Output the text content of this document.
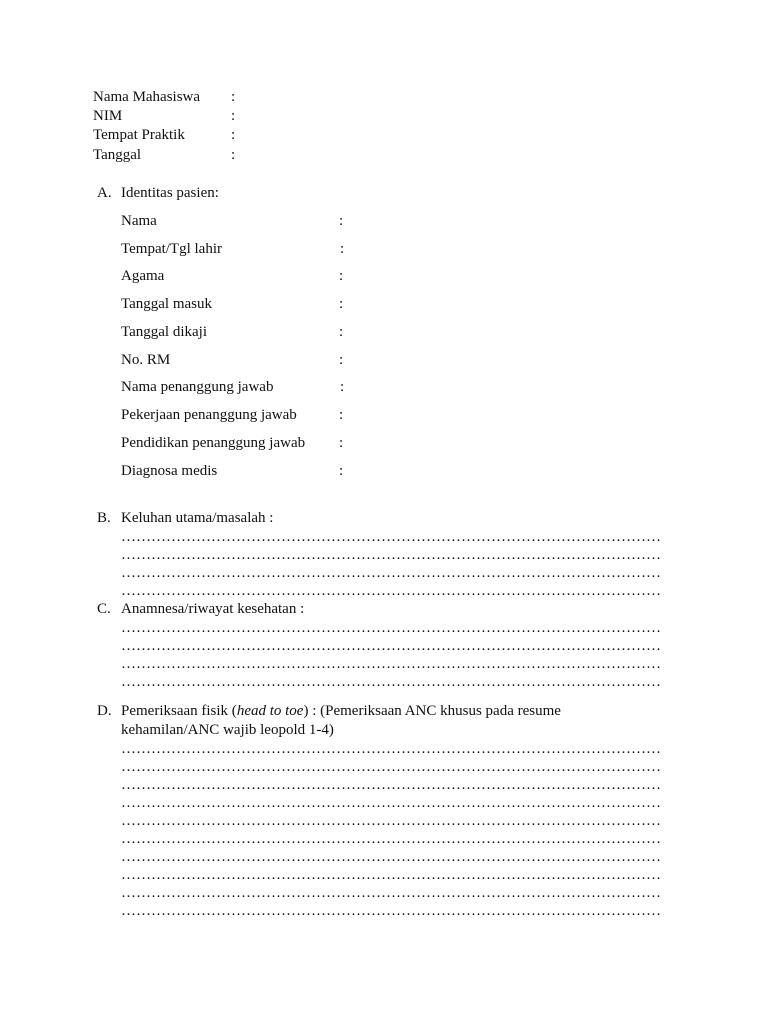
Nama Mahasiswa :
NIM	:
Tempat Praktik	:
Tanggal	:
A. Identitas pasien:
Nama	:
Tempat/Tgl lahir	:
Agama	:
Tanggal masuk	:
Tanggal dikaji	:
No. RM	:
Nama penanggung jawab	:
Pekerjaan penanggung jawab	:
Pendidikan penanggung jawab :
Diagnosa medis	:
B. Keluhan utama/masalah :
………………………………………………………………………………………………
………………………………………………………………………………………………
………………………………………………………………………………………………
………………………………………………………………………………………………
C. Anamnesa/riwayat kesehatan :
………………………………………………………………………………………………
………………………………………………………………………………………………
………………………………………………………………………………………………
………………………………………………………………………………………………
D. Pemeriksaan fisik (head to toe) : (Pemeriksaan ANC khusus pada resume
kehamilan/ANC wajib leopold 1-4)
………………………………………………………………………………………………
………………………………………………………………………………………………
………………………………………………………………………………………………
………………………………………………………………………………………………
………………………………………………………………………………………………
………………………………………………………………………………………………
………………………………………………………………………………………………
………………………………………………………………………………………………
………………………………………………………………………………………………
………………………………………………………………………………………………
